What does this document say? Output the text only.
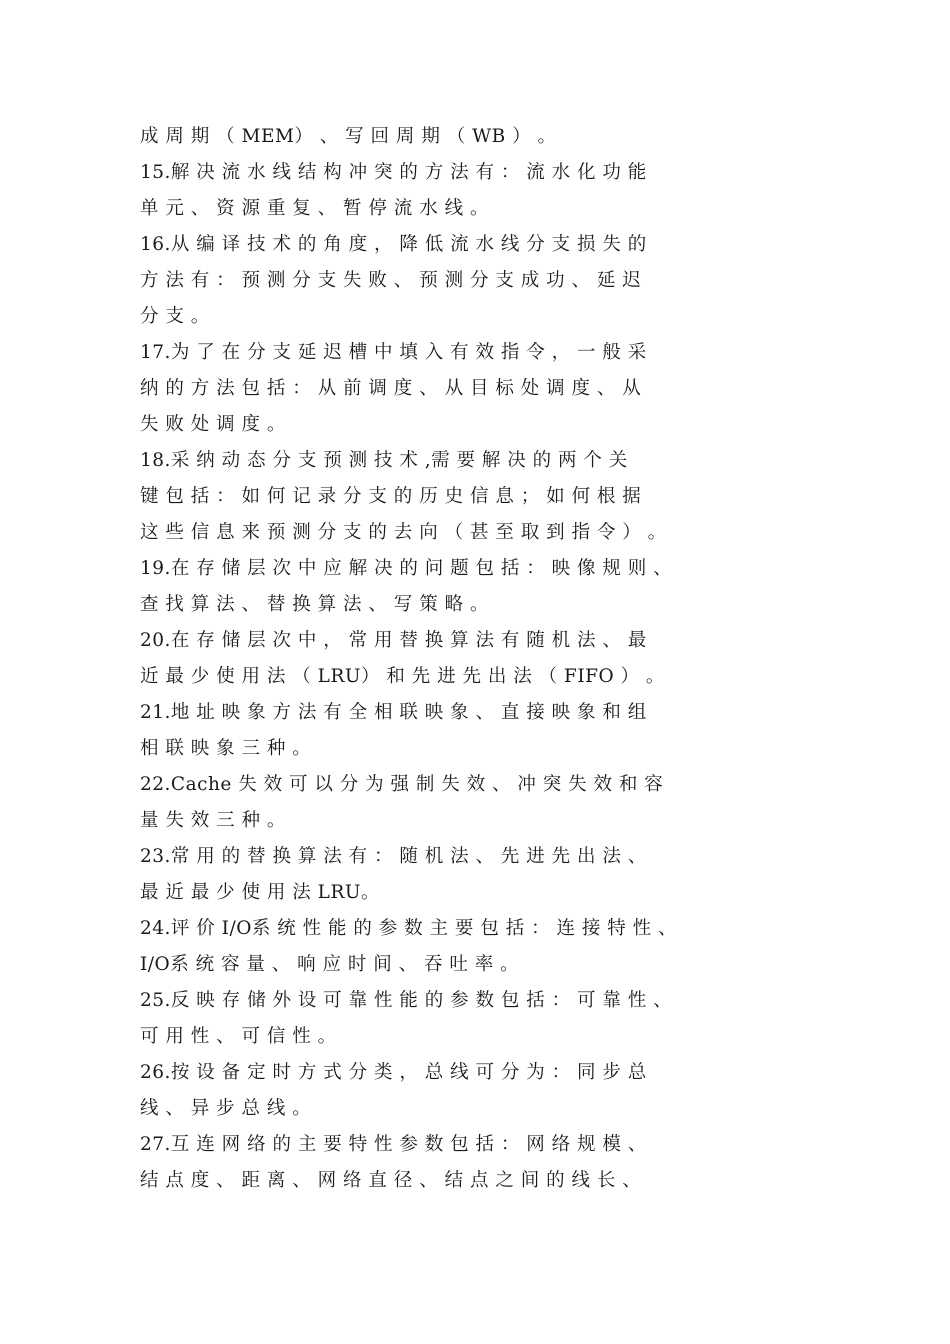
成 周 期 （ MEM） 、 写 回 周 期 （ WB ） 。
15.解 决 流 水 线 结 构 冲 突 的 方 法 有 ： 流 水 化 功 能
单 元 、 资 源 重 复 、 暂 停 流 水 线 。
16.从 编 译 技 术 的 角 度 ， 降 低 流 水 线 分 支 损 失 的
方 法 有 ： 预 测 分 支 失 败 、 预 测 分 支 成 功 、 延 迟
分 支 。
17.为 了 在 分 支 延 迟 槽 中 填 入 有 效 指 令 ， 一 般 采
纳 的 方 法 包 括 ： 从 前 调 度 、 从 目 标 处 调 度 、 从
失 败 处 调 度 。
18.采 纳 动 态 分 支 预 测 技 术 ,需 要 解 决 的 两 个 关
键 包 括 ： 如 何 记 录 分 支 的 历 史 信 息 ； 如 何 根 据
这 些 信 息 来 预 测 分 支 的 去 向 （ 甚 至 取 到 指 令 ） 。
19.在 存 储 层 次 中 应 解 决 的 问 题 包 括 ： 映 像 规 则 、
查 找 算 法 、 替 换 算 法 、 写 策 略 。
20.在 存 储 层 次 中 ， 常 用 替 换 算 法 有 随 机 法 、 最
近 最 少 使 用 法 （ LRU） 和 先 进 先 出 法 （ FIFO ） 。
21.地 址 映 象 方 法 有 全 相 联 映 象 、 直 接 映 象 和 组
相 联 映 象 三 种 。
22.Cache 失 效 可 以 分 为 强 制 失 效 、 冲 突 失 效 和 容
量 失 效 三 种 。
23.常 用 的 替 换 算 法 有 ： 随 机 法 、 先 进 先 出 法 、
最 近 最 少 使 用 法 LRU。
24.评 价 I/O系 统 性 能 的 参 数 主 要 包 括 ： 连 接 特 性 、
I/O系 统 容 量 、 响 应 时 间 、 吞 吐 率 。
25.反 映 存 储 外 设 可 靠 性 能 的 参 数 包 括 ： 可 靠 性 、
可 用 性 、 可 信 性 。
26.按 设 备 定 时 方 式 分 类 ， 总 线 可 分 为 ： 同 步 总
线 、 异 步 总 线 。
27.互 连 网 络 的 主 要 特 性 参 数 包 括 ： 网 络 规 模 、
结 点 度 、 距 离 、 网 络 直 径 、 结 点 之 间 的 线 长 、
